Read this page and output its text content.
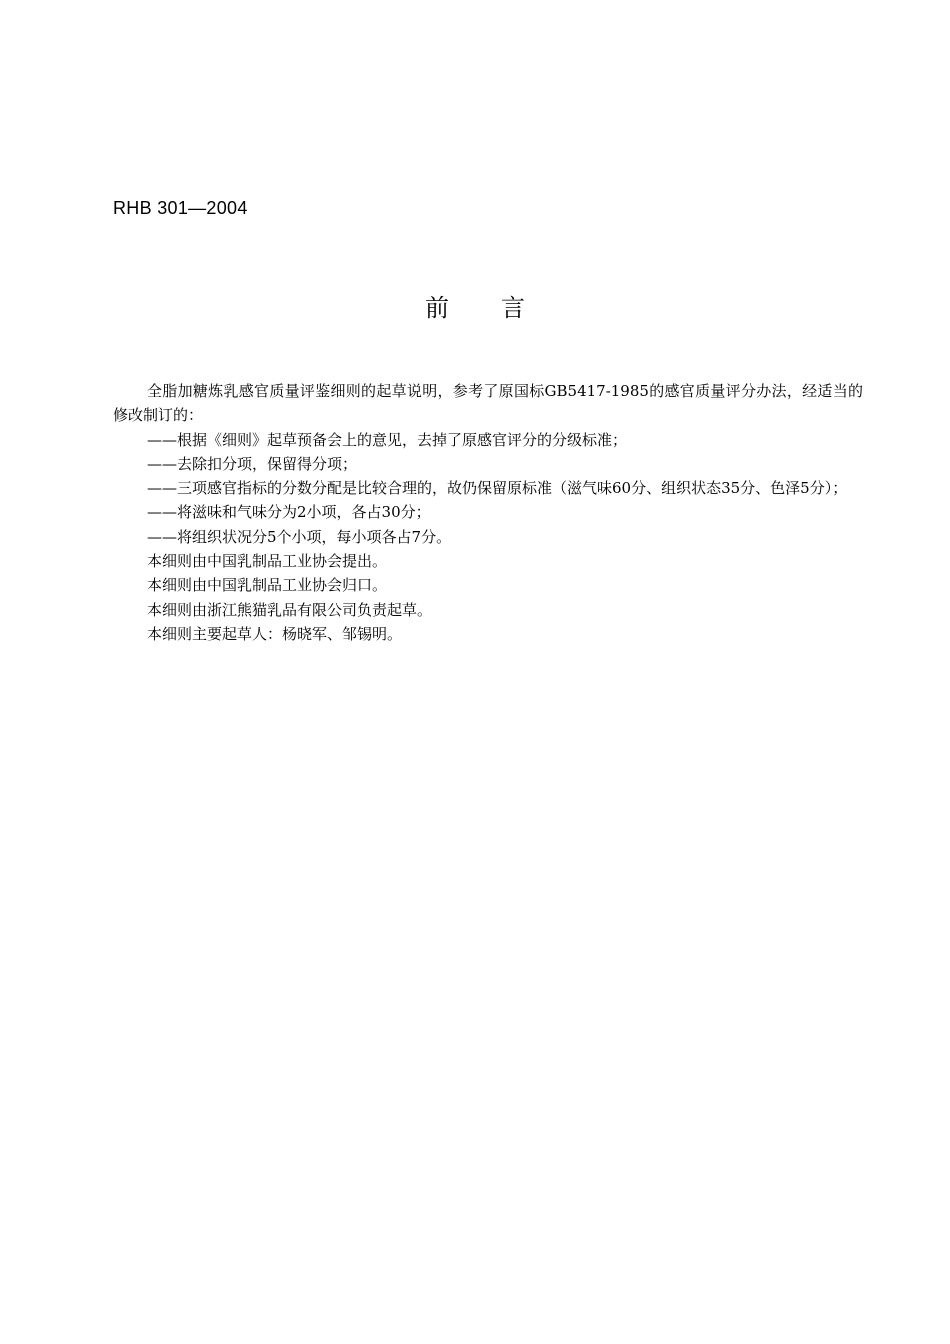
RHB 301—2004
前 言

全脂加糖炼乳感官质量评鉴细则的起草说明，参考了原国标GB5417-1985的感官质量评分办法，经适当的修改制订的：

——根据《细则》起草预备会上的意见，去掉了原感官评分的分级标准；

——去除扣分项，保留得分项；

——三项感官指标的分数分配是比较合理的，故仍保留原标准（滋气味60分、组织状态35分、色泽5分）；

——将滋味和气味分为2小项，各占30分；

——将组织状况分5个小项，每小项各占7分。

本细则由中国乳制品工业协会提出。

本细则由中国乳制品工业协会归口。

本细则由浙江熊猫乳品有限公司负责起草。

本细则主要起草人：杨晓军、邹锡明。
